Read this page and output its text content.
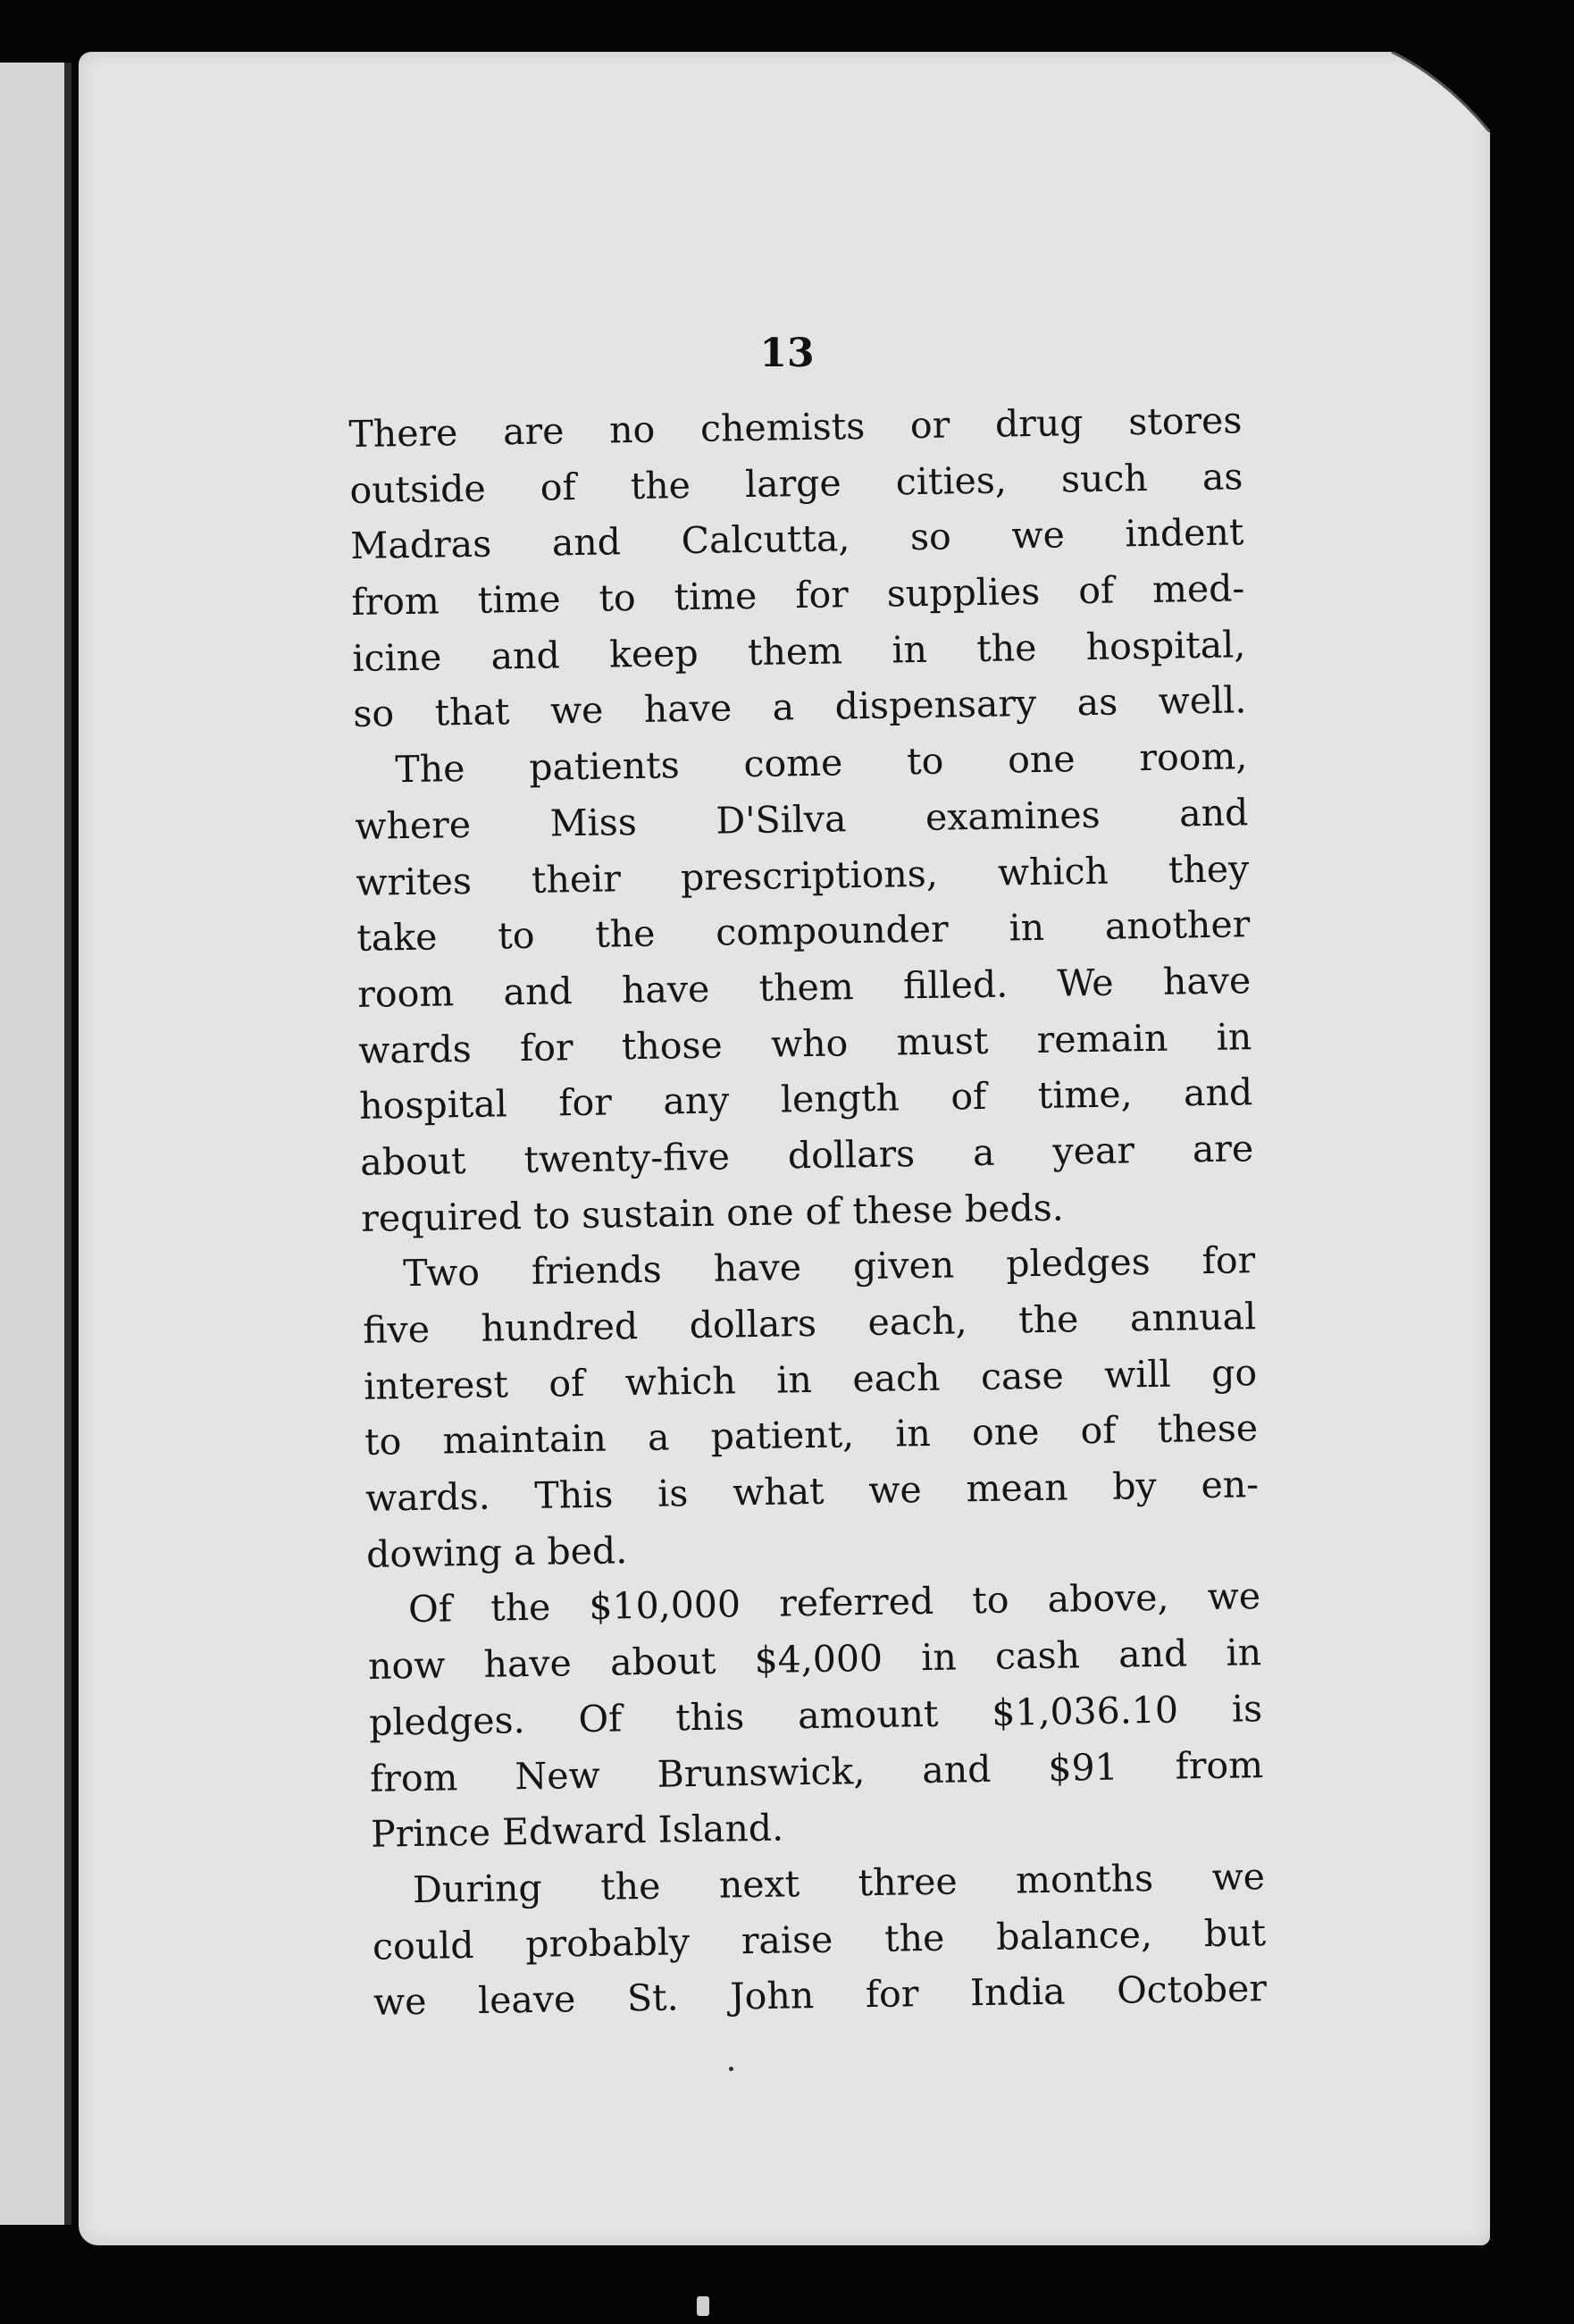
13
There are no chemists or drug stores
outside of the large cities, such as
Madras and Calcutta, so we indent
from time to time for supplies of med-
icine and keep them in the hospital,
so that we have a dispensary as well.
The patients come to one room,
where Miss D'Silva examines and
writes their prescriptions, which they
take to the compounder in another
room and have them filled. We have
wards for those who must remain in
hospital for any length of time, and
about twenty-five dollars a year are
required to sustain one of these beds.
Two friends have given pledges for
five hundred dollars each, the annual
interest of which in each case will go
to maintain a patient, in one of these
wards. This is what we mean by en-
dowing a bed.
Of the $10,000 referred to above, we
now have about $4,000 in cash and in
pledges. Of this amount $1,036.10 is
from New Brunswick, and $91 from
Prince Edward Island.
During the next three months we
could probably raise the balance, but
we leave St. John for India October
